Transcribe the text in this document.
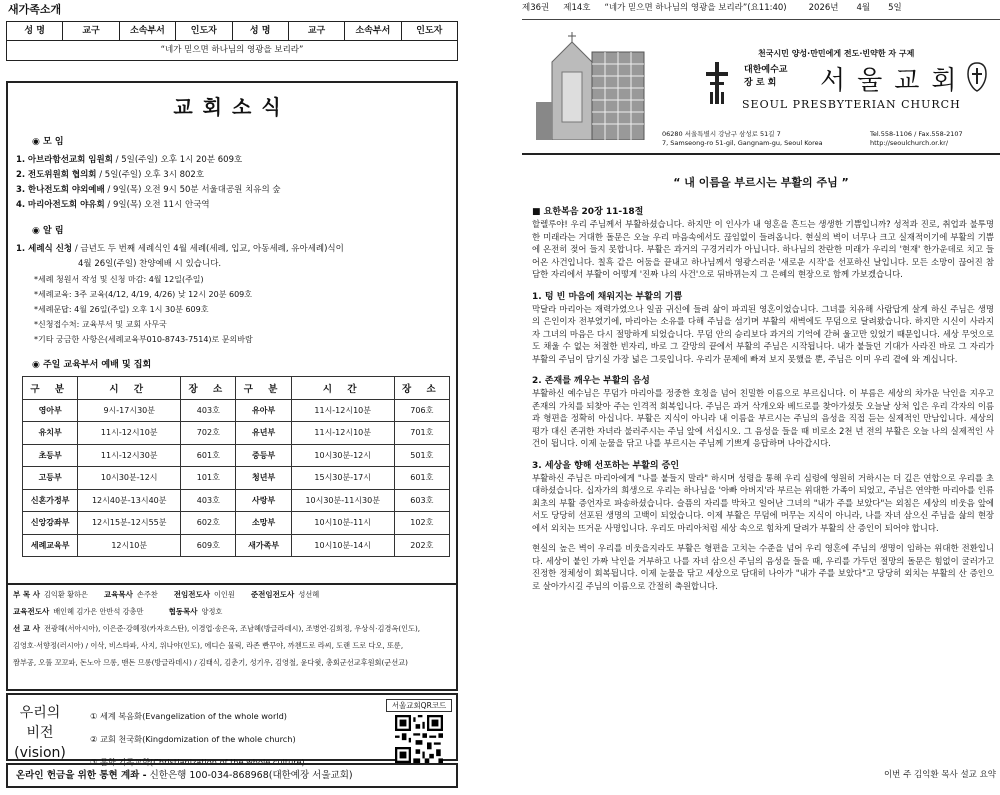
새가족소개
성 명	교구	소속부서	인도자	성 명	교구	소속부서	인도자
“네가 믿으면 하나님의 영광을 보리라”
교회소식
◉ 모 임
1. 아브라함선교회 임원회 / 5일(주일) 오후 1시 20분 609호
2. 전도위원회 협의회 / 5일(주일) 오후 3시 802호
3. 한나전도회 야외예배 / 9일(목) 오전 9시 50분 서울대공원 치유의 숲
4. 마리아전도회 야유회 / 9일(목) 오전 11시 안국역
◉ 알 림
1. 세례식 신청 / 금년도 두 번째 세례식인 4월 세례(세례, 입교, 아동세례, 유아세례)식이
4월 26일(주일) 찬양예배 시 있습니다.
*세례 청원서 작성 및 신청 마감: 4월 12일(주일)
*세례교육: 3주 교육(4/12, 4/19, 4/26) 낮 12시 20분 609호
*세례문답: 4월 26일(주일) 오후 1시 30분 609호
*신청접수처: 교육부서 및 교회 사무국
*기타 궁금한 사항은(세례교육부010-8743-7514)로 문의바람
◉ 주일 교육부서 예배 및 집회
구 분	시 간	장 소	구 분	시 간	장 소
영아부	9시-17시30분	403호	유아부	11시-12시10분	706호
유치부	11시-12시10분	702호	유년부	11시-12시10분	701호
초등부	11시-12시30분	601호	중등부	10시30분-12시	501호
고등부	10시30분-12시	101호	청년부	15시30분-17시	601호
신혼가정부	12시40분-13시40분	403호	사랑부	10시30분-11시30분	603호
신앙강좌부	12시15분-12시55분	602호	소망부	10시10분-11시	102호
세례교육부	12시10분	609호	새가족부	10시10분-14시	202호
부 목 사 김익환 황하은 교육목사 손주찬 전임전도사 이인원 준전임전도사 성선혜
교육전도사 배인혜 김가은 안반석 강총만	협동목사 양정호
선 교 사 전광해(서아시아), 이은준·강혜정(카자흐스탄), 이경업·송은옥, 조남혜(방글라데시), 조병연·김희정, 우상식·김경옥(인도),
김영호·서향정(러시아) / 이삭, 비스타파, 사지, 위나야(인도), 에디슨 물릭, 라존 빤꾸야, 까첸드로 라씨, 도랜 드로 다오, 또룬,
짬부공, 오풀 꼬꼬파, 돈노아 므롱, 맨돈 므롱(방글라데시) / 김태식, 김춘기, 성기우, 김영철, 윤다윗, 총회군선교후원회(군선교)
우리의
비전
(vision)
① 세계 복음화(Evangelization of the whole world)
② 교회 천국화(Kingdomization of the whole church)
③ 문화 기독교화(Christianization of the whole culture)
서울교회QR코드
온라인 헌금을 위한 통현 계좌 - 신한은행 100-034-868968(대한예장 서울교회)
제36권 제14호 “네가 믿으면 하나님의 영광을 보리라”(요11:40)	2026년 4월 5일
천국시민 양성·만민에게 전도·빈약한 자 구제
대한예수교
장 로 회	서울교회
SEOUL PRESBYTERIAN CHURCH
06280 서울특별시 강남구 삼성로 51길 7
7, Samseong-ro 51-gil, Gangnam-gu, Seoul Korea
Tel.558-1106 / Fax.558-2107
http://seoulchurch.or.kr/
“ 내 이름을 부르시는 부활의 주님 ”
■ 요한복음 20장 11-18절

할렐루야! 우리 주님께서 부활하셨습니다. 하지만 이 인사가 내 영혼을 흔드는 생생한 기쁨입니까? 성적과 진로, 취업과 불투명한 미래라는 거대한 돌문은 오늘 우리 마음속에서도 끊임없이 들려옵니다. 현실의 벽이 너무나 크고 실재적이기에 부활의 기쁨에 온전히 젖어 들지 못합니다. 부활은 과거의 구경거리가 아닙니다. 하나님의 찬란한 미래가 우리의 '현재' 한가운데로 치고 들어온 사건입니다. 칠흑 같은 어둠을 끝내고 하나님께서 영광스러운 '새로운 시작'을 선포하신 날입니다. 모든 소망이 끊어진 참담한 자리에서 부활이 어떻게 '진짜 나의 사건'으로 뒤바뀌는지 그 은혜의 현장으로 함께 가보겠습니다.

1. 텅 빈 마음에 채워지는 부활의 기쁨

막달라 마리아는 재력가였으나 일곱 귀신에 들려 삶이 파괴된 영혼이었습니다. 그녀를 치유해 사람답게 살게 하신 주님은 생명의 은인이자 전부였기에, 마리아는 소유를 다해 주님을 섬기며 부활의 새벽에도 무덤으로 달려왔습니다. 하지만 시신이 사라지자 그녀의 마음은 다시 절망하게 되었습니다. 무덤 안의 승리보다 과거의 기억에 갇혀 울고만 있었기 때문입니다. 세상 무엇으로도 채울 수 없는 처절한 빈자리, 바로 그 갈망의 끝에서 부활의 주님은 시작됩니다. 내가 붙들던 기대가 사라진 바로 그 자리가 부활의 주님이 담기실 가장 넓은 그릇입니다. 우리가 문제에 빠져 보지 못했을 뿐, 주님은 이미 우리 곁에 와 계십니다.

2. 존재를 깨우는 부활의 음성

부활하신 예수님은 무덤가 마리아를 정중한 호칭을 넘어 친밀한 이름으로 부르십니다. 이 부름은 세상의 차가운 낙인을 지우고 존재의 가치를 되찾아 주는 인격적 회복입니다. 주님은 과거 삭개오와 베드로를 찾아가셨듯 오늘날 상처 입은 우리 각자의 이름과 형편을 정확히 아십니다. 부활은 지식이 아니라 내 이름을 부르시는 주님의 음성을 직접 듣는 실제적인 만남입니다. 세상의 평가 대신 존귀한 자녀라 불러주시는 주님 앞에 서십시오. 그 음성을 들을 때 비로소 2천 년 전의 부활은 오늘 나의 실제적인 사건이 됩니다. 이제 눈물을 닦고 나를 부르시는 주님께 기쁘게 응답하며 나아갑시다.

3. 세상을 향해 선포하는 부활의 증인

부활하신 주님은 마리아에게 "나를 붙들지 말라" 하시며 성령을 통해 우리 심령에 영원히 거하시는 더 깊은 연합으로 우리를 초대하셨습니다. 십자가의 희생으로 우리는 하나님을 '아빠 아버지'라 부르는 위대한 가족이 되었고, 주님은 연약한 마리아를 인류 최초의 부활 증언자로 파송하셨습니다. 슬픔의 자리를 박차고 일어난 그녀의 "내가 주를 보았다"는 외침은 세상의 비웃음 앞에서도 당당히 선포된 생명의 고백이 되었습니다. 이제 부활은 무덤에 머무는 지식이 아니라, 나를 자녀 삼으신 주님을 삶의 현장에서 외치는 뜨거운 사명입니다. 우리도 마리아처럼 세상 속으로 힘차게 달려가 부활의 산 증인이 되어야 합니다.

현실의 높은 벽이 우리를 비웃을지라도 부활은 형편을 고치는 수준을 넘어 우리 영혼에 주님의 생명이 임하는 위대한 전환입니다. 세상이 붙인 가짜 낙인을 거부하고 나를 자녀 삼으신 주님의 음성을 들을 때, 우리를 가두던 절망의 돌문은 힘없이 굴러가고 진정한 정체성이 회복됩니다. 이제 눈물을 닦고 세상으로 담대히 나아가 "내가 주를 보았다"고 당당히 외치는 부활의 산 증인으로 살아가시길 주님의 이름으로 간절히 축원합니다.

이번 주 김익환 목사 설교 요약
